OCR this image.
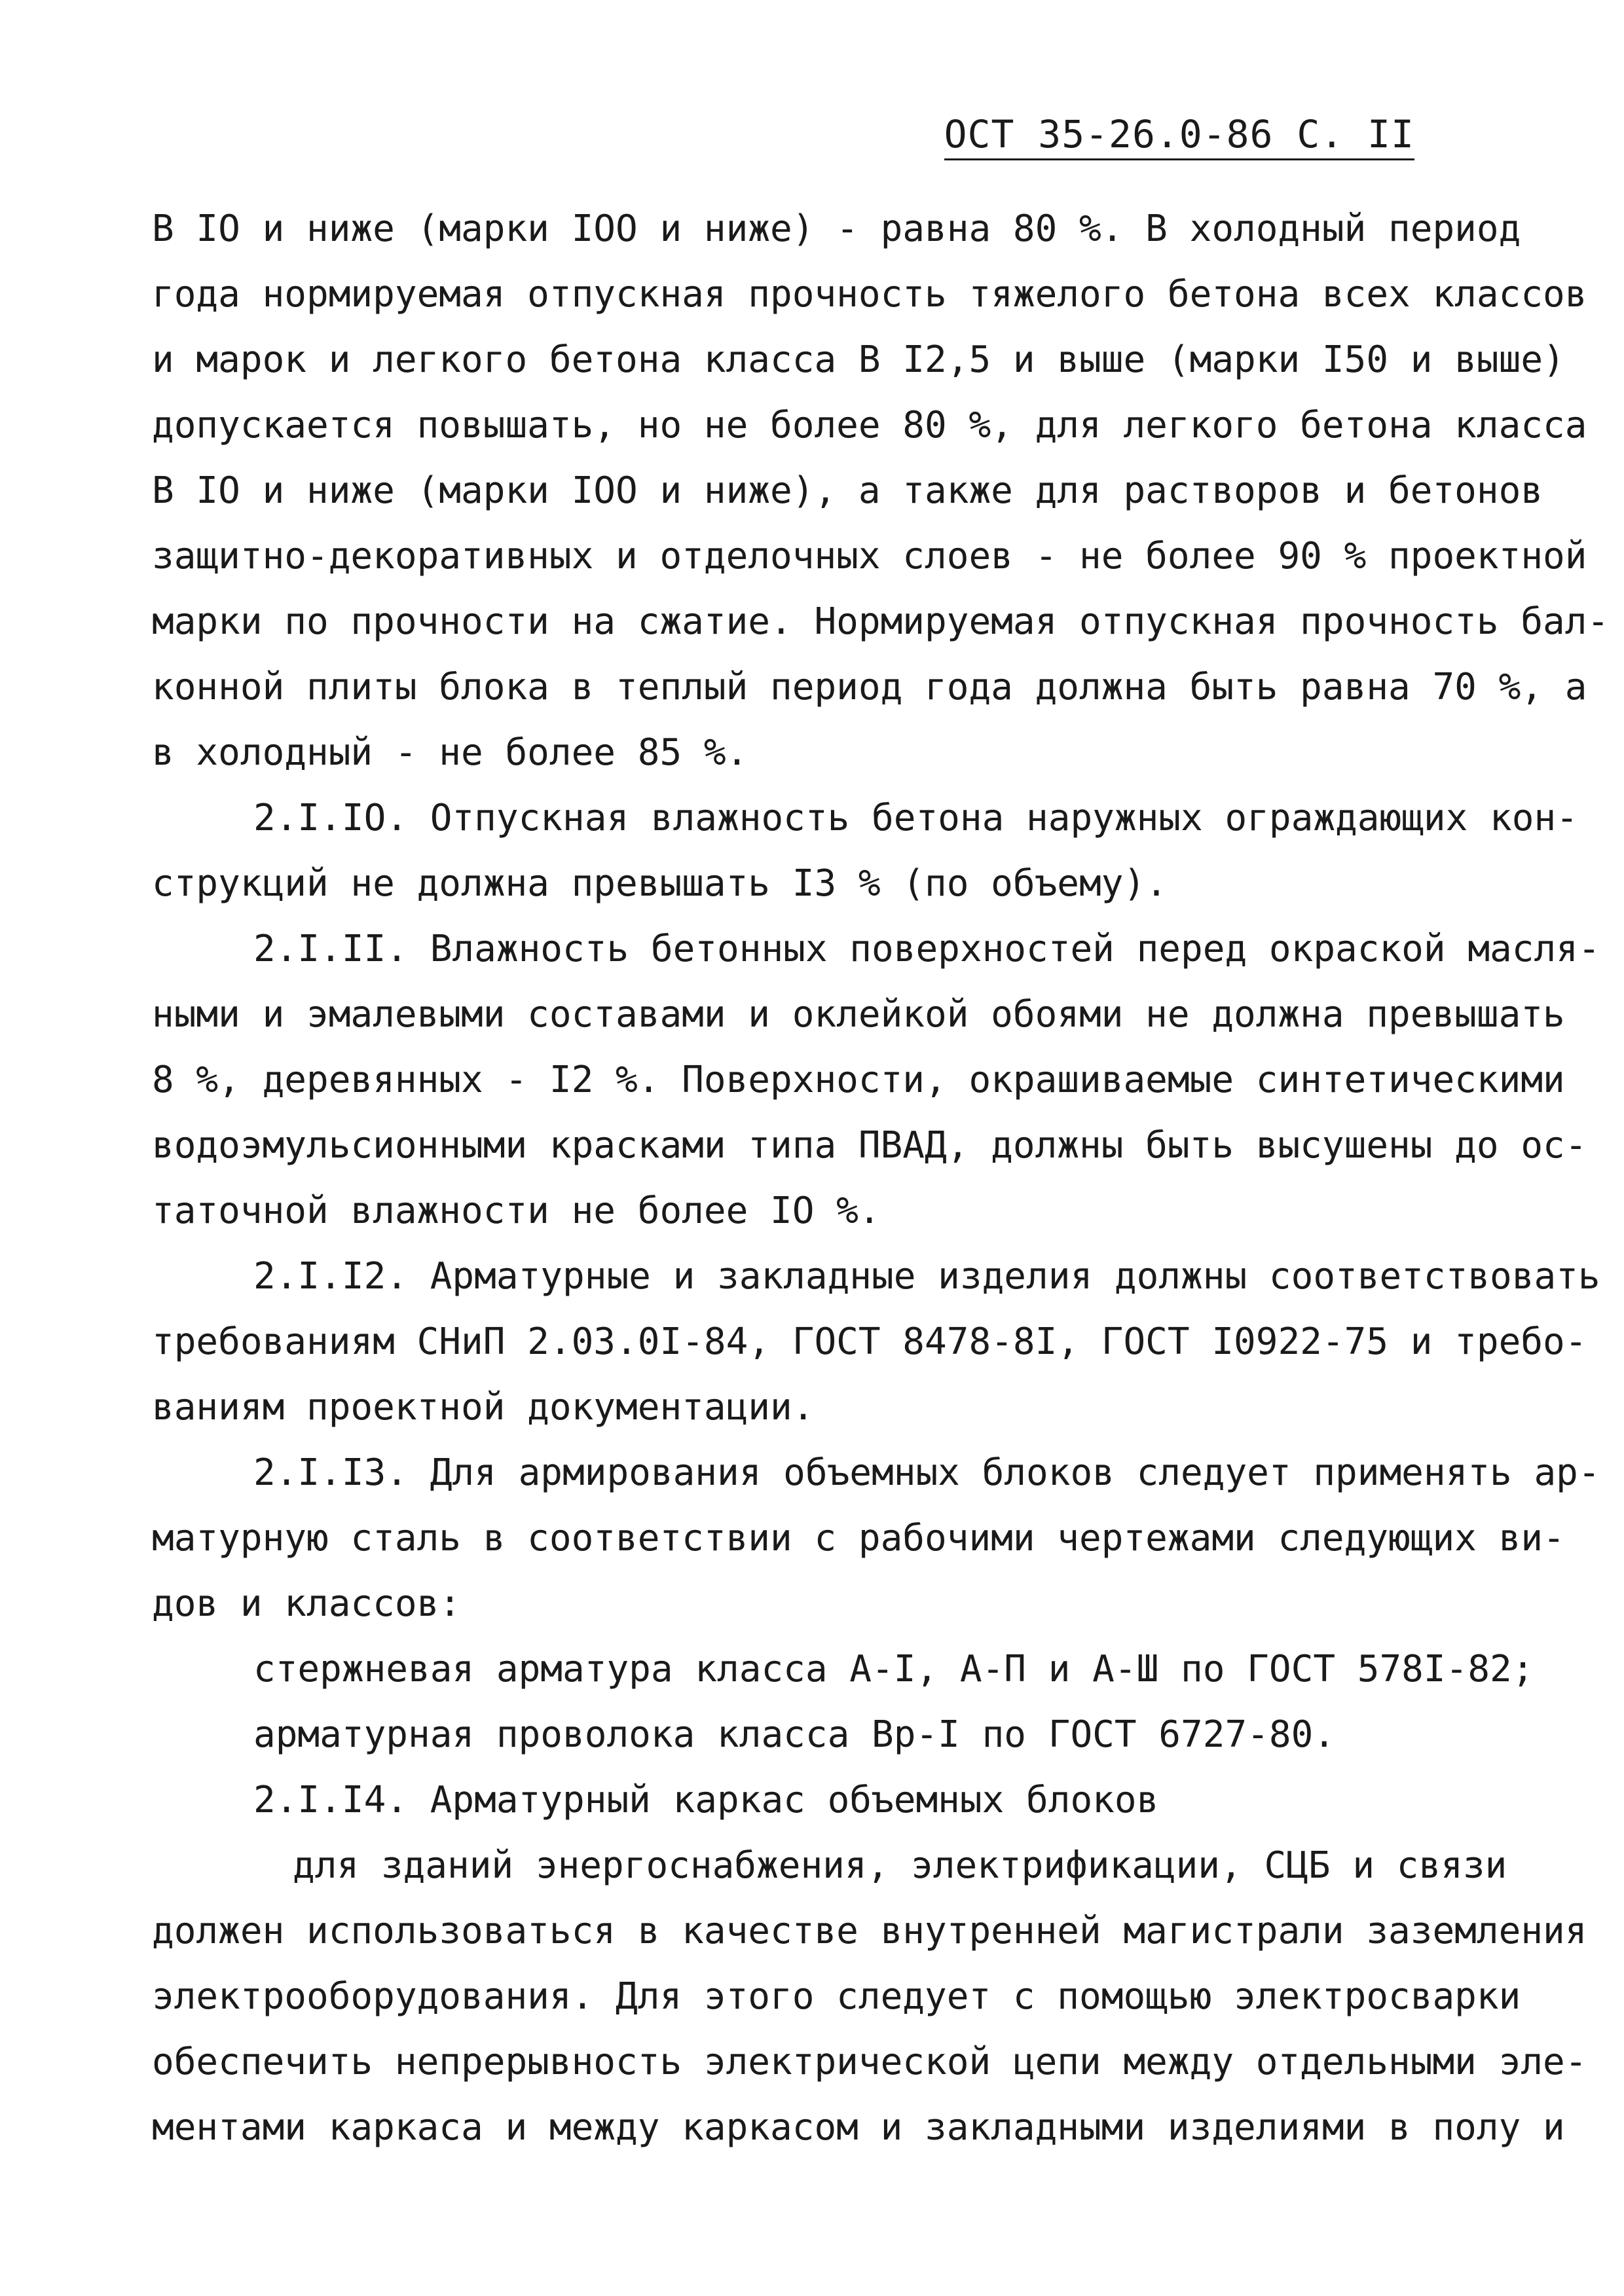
ОСТ 35-26.0-86 С. II
В IO и ниже (марки IOO и ниже) - равна 80 %. В холодный период
года нормируемая отпускная прочность тяжелого бетона всех классов
и марок и легкого бетона класса В I2,5 и выше (марки I50 и выше)
допускается повышать, но не более 80 %, для легкого бетона класса
В IO и ниже (марки IOO и ниже), а также для растворов и бетонов
защитно-декоративных и отделочных слоев - не более 90 % проектной
марки по прочности на сжатие. Нормируемая отпускная прочность бал-
конной плиты блока в теплый период года должна быть равна 70 %, а
в холодный - не более 85 %.
2.I.IO. Отпускная влажность бетона наружных ограждающих кон-
струкций не должна превышать I3 % (по объему).
2.I.II. Влажность бетонных поверхностей перед окраской масля-
ными и эмалевыми составами и оклейкой обоями не должна превышать
8 %, деревянных - I2 %. Поверхности, окрашиваемые синтетическими
водоэмульсионными красками типа ПВАД, должны быть высушены до ос-
таточной влажности не более IO %.
2.I.I2. Арматурные и закладные изделия должны соответствовать
требованиям СНиП 2.03.0I-84, ГОСТ 8478-8I, ГОСТ I0922-75 и требо-
ваниям проектной документации.
2.I.I3. Для армирования объемных блоков следует применять ар-
матурную сталь в соответствии с рабочими чертежами следующих ви-
дов и классов:
стержневая арматура класса А-I, А-П и А-Ш по ГОСТ 578I-82;
арматурная проволока класса Вр-I по ГОСТ 6727-80.
2.I.I4. Арматурный каркас объемных блоков
для зданий энергоснабжения, электрификации, СЦБ и связи
должен использоваться в качестве внутренней магистрали заземления
электрооборудования. Для этого следует с помощью электросварки
обеспечить непрерывность электрической цепи между отдельными эле-
ментами каркаса и между каркасом и закладными изделиями в полу и
